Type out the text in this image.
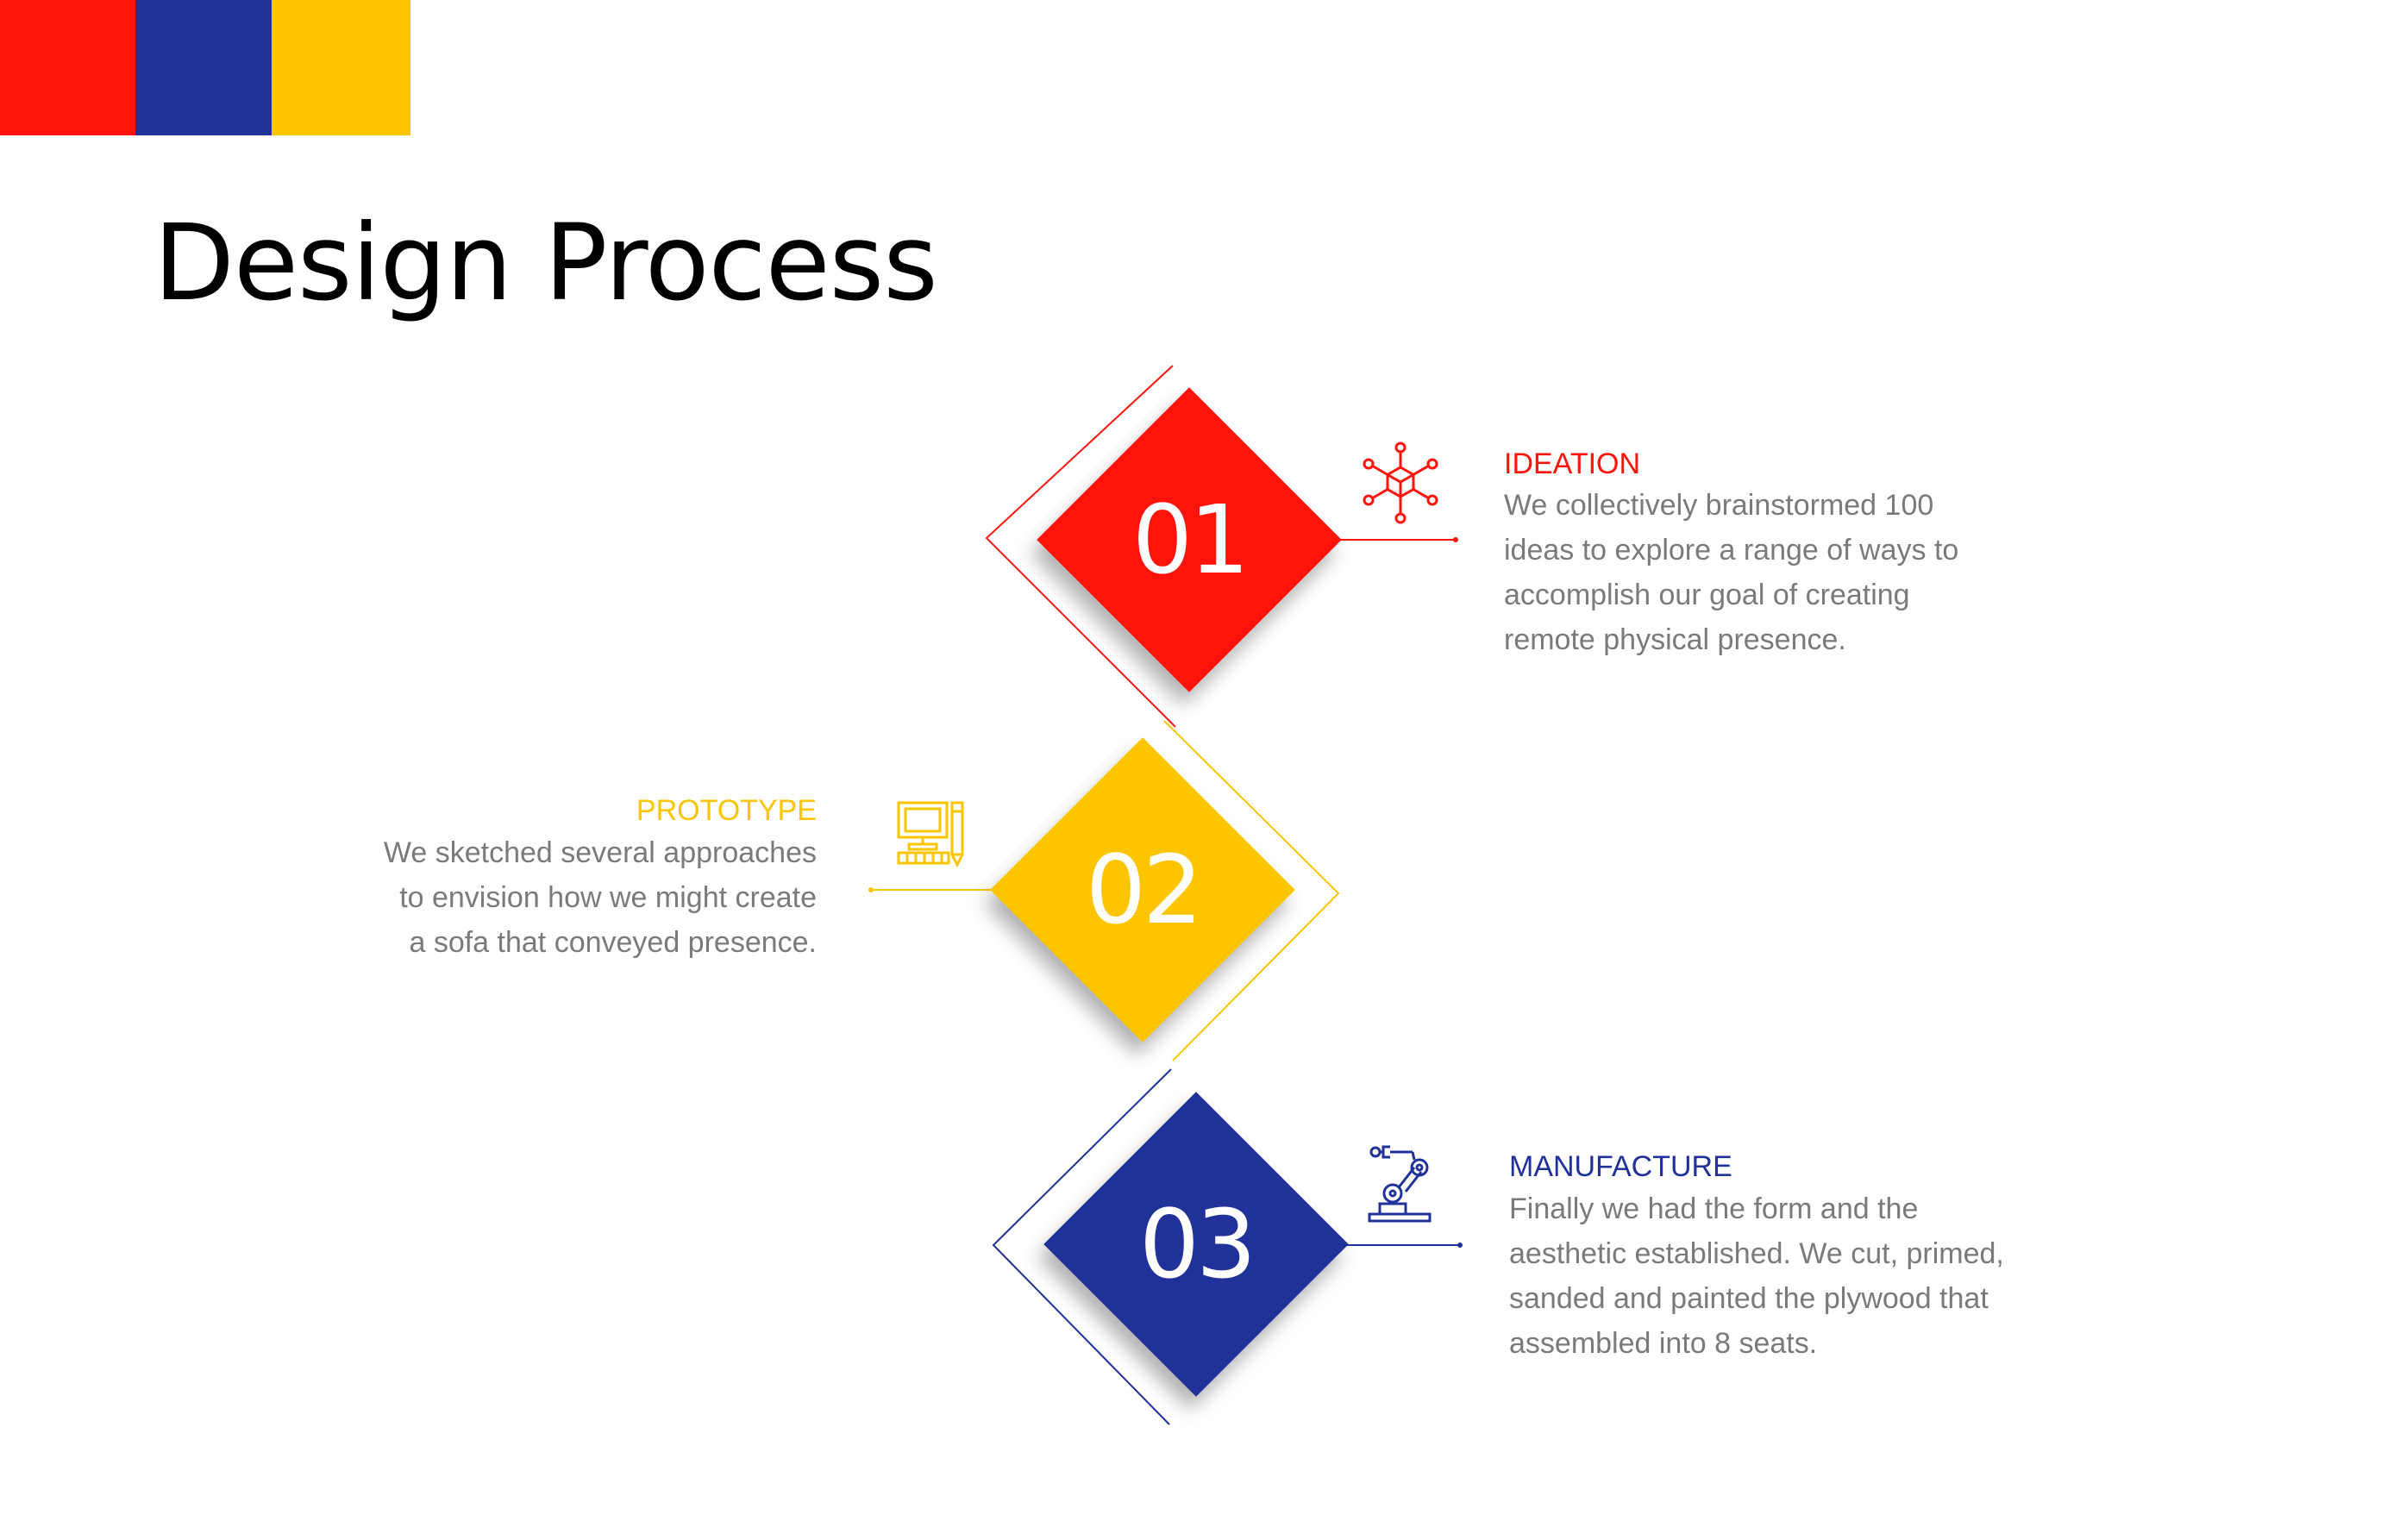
Design Process
01

IDEATION

We collectively brainstormed 100
ideas to explore a range of ways to
accomplish our goal of creating
remote physical presence.

02

PROTOTYPE

We sketched several approaches
to envision how we might create
a sofa that conveyed presence.

03

MANUFACTURE

Finally we had the form and the
aesthetic established. We cut, primed,
sanded and painted the plywood that
assembled into 8 seats.
